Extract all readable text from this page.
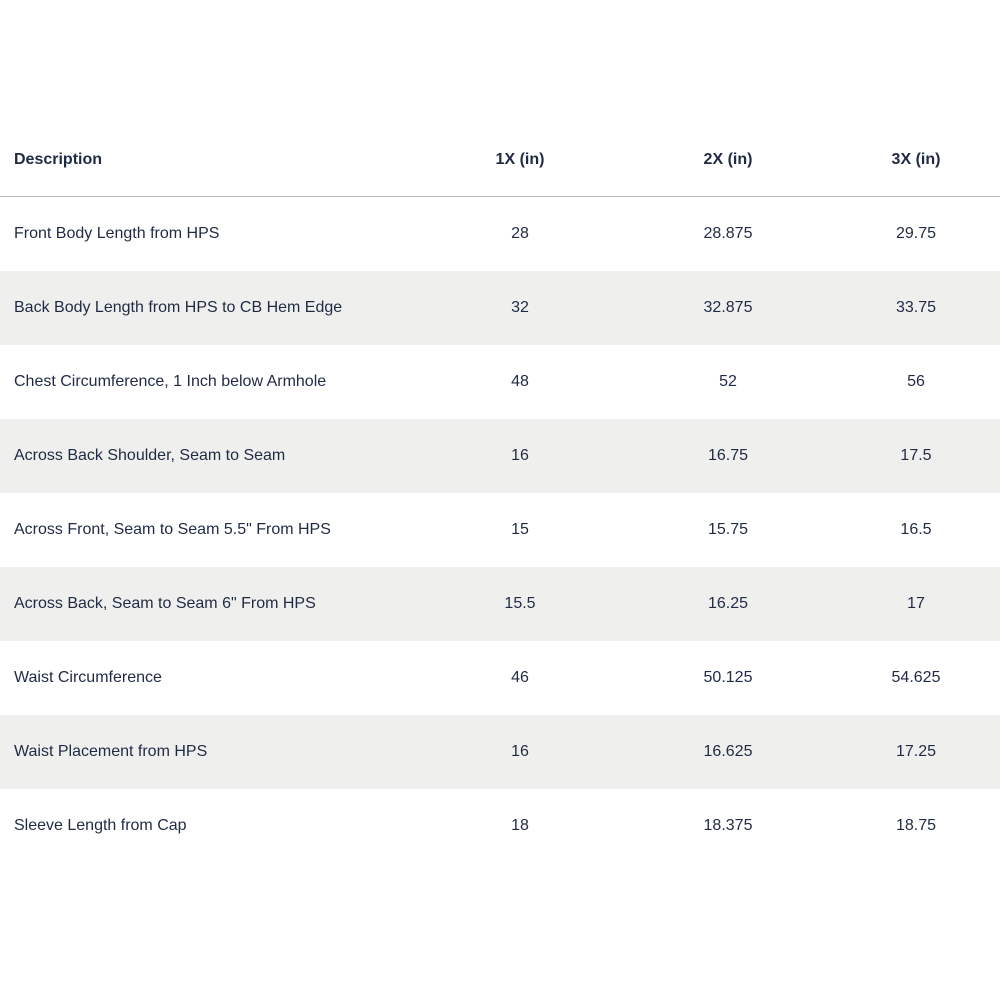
Description	1X (in)	2X (in)	3X (in)
Front Body Length from HPS	28	28.875	29.75
Back Body Length from HPS to CB Hem Edge	32	32.875	33.75
Chest Circumference, 1 Inch below Armhole	48	52	56
Across Back Shoulder, Seam to Seam	16	16.75	17.5
Across Front, Seam to Seam 5.5" From HPS	15	15.75	16.5
Across Back, Seam to Seam 6" From HPS	15.5	16.25	17
Waist Circumference	46	50.125	54.625
Waist Placement from HPS	16	16.625	17.25
Sleeve Length from Cap	18	18.375	18.75
